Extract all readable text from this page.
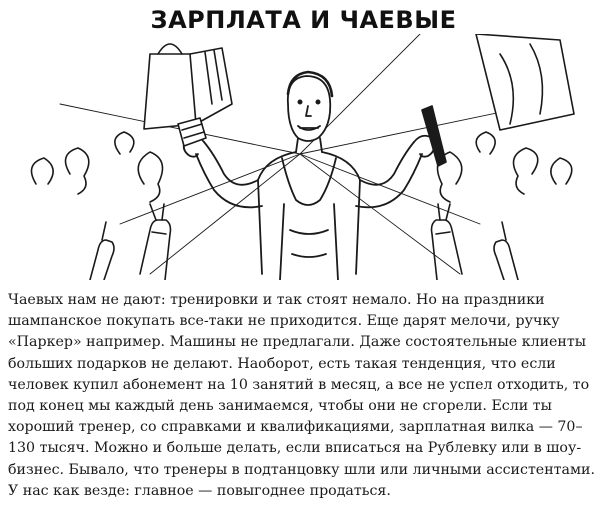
ЗАРПЛАТА И ЧАЕВЫЕ

Чаевых нам не дают: тренировки и так стоят немало. Но на праздники шампанское покупать все-таки не приходится. Еще дарят мелочи, ручку «Паркер» например. Машины не предлагали. Даже состоятельные клиенты больших подарков не делают. Наоборот, есть такая тенденция, что если человек купил абонемент на 10 занятий в месяц, а все не успел отходить, то под конец мы каждый день занимаемся, чтобы они не сгорели. Если ты хороший тренер, со справками и квалификациями, зарплатная вилка — 70–130 тысяч. Можно и больше делать, если вписаться на Рублевку или в шоу-бизнес. Бывало, что тренеры в подтанцовку шли или личными ассистентами. У нас как везде: главное — повыгоднее продаться.
